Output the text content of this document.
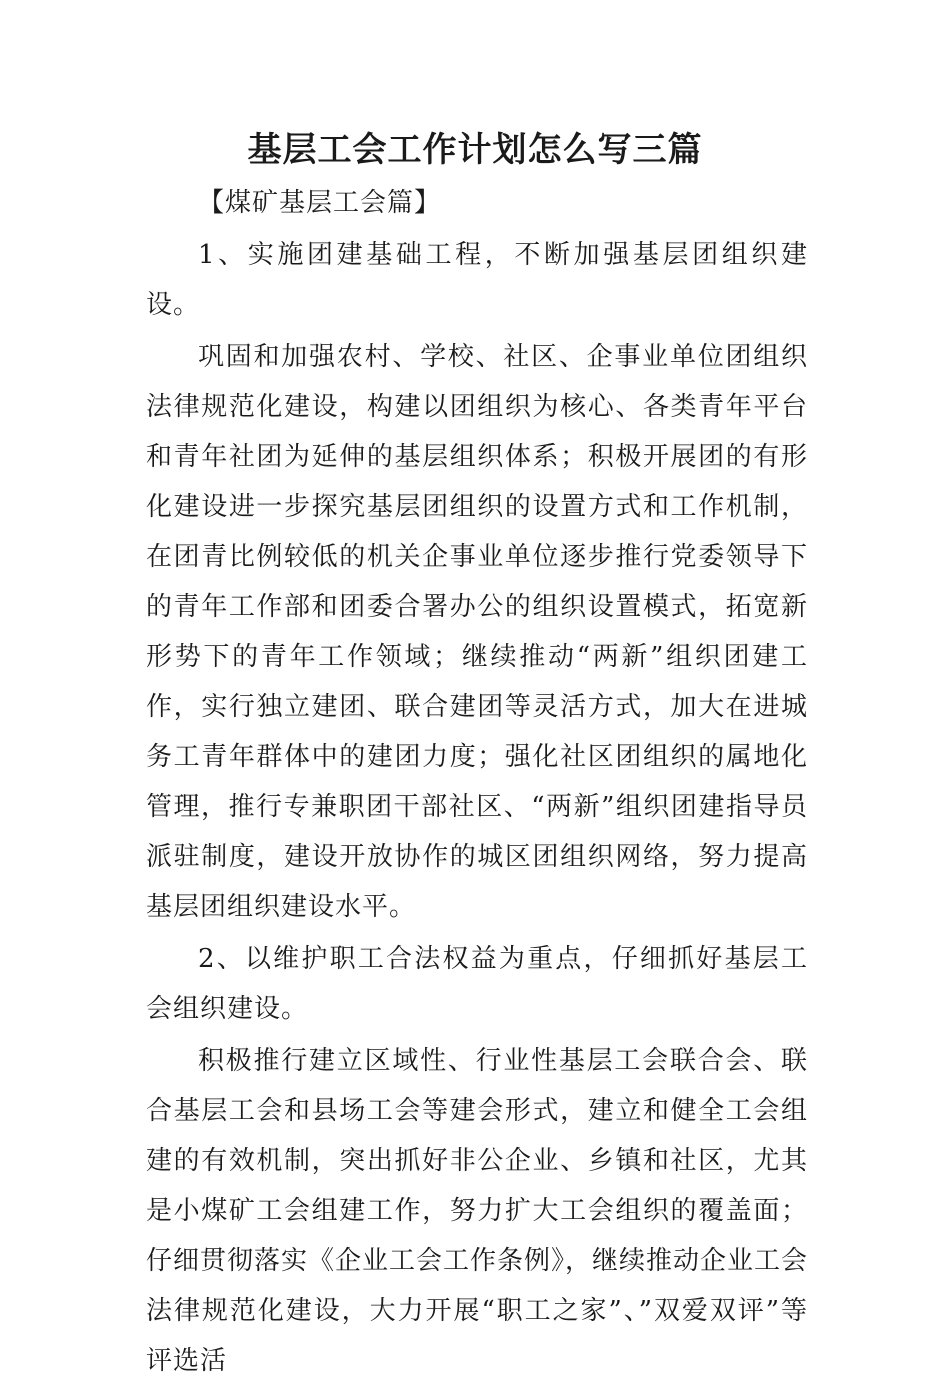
基层工会工作计划怎么写三篇

【煤矿基层工会篇】

1、实施团建基础工程，不断加强基层团组织建设。

巩固和加强农村、学校、社区、企事业单位团组织法律规范化建设，构建以团组织为核心、各类青年平台和青年社团为延伸的基层组织体系；积极开展团的有形化建设进一步探究基层团组织的设置方式和工作机制，在团青比例较低的机关企事业单位逐步推行党委领导下的青年工作部和团委合署办公的组织设置模式，拓宽新形势下的青年工作领域；继续推动“两新”组织团建工作，实行独立建团、联合建团等灵活方式，加大在进城务工青年群体中的建团力度；强化社区团组织的属地化管理，推行专兼职团干部社区、“两新”组织团建指导员派驻制度，建设开放协作的城区团组织网络，努力提高基层团组织建设水平。

2、以维护职工合法权益为重点，仔细抓好基层工会组织建设。

积极推行建立区域性、行业性基层工会联合会、联合基层工会和县场工会等建会形式，建立和健全工会组建的有效机制，突出抓好非公企业、乡镇和社区，尤其是小煤矿工会组建工作，努力扩大工会组织的覆盖面；仔细贯彻落实《企业工会工作条例》，继续推动企业工会法律规范化建设，大力开展“职工之家”、”双爱双评”等评选活
